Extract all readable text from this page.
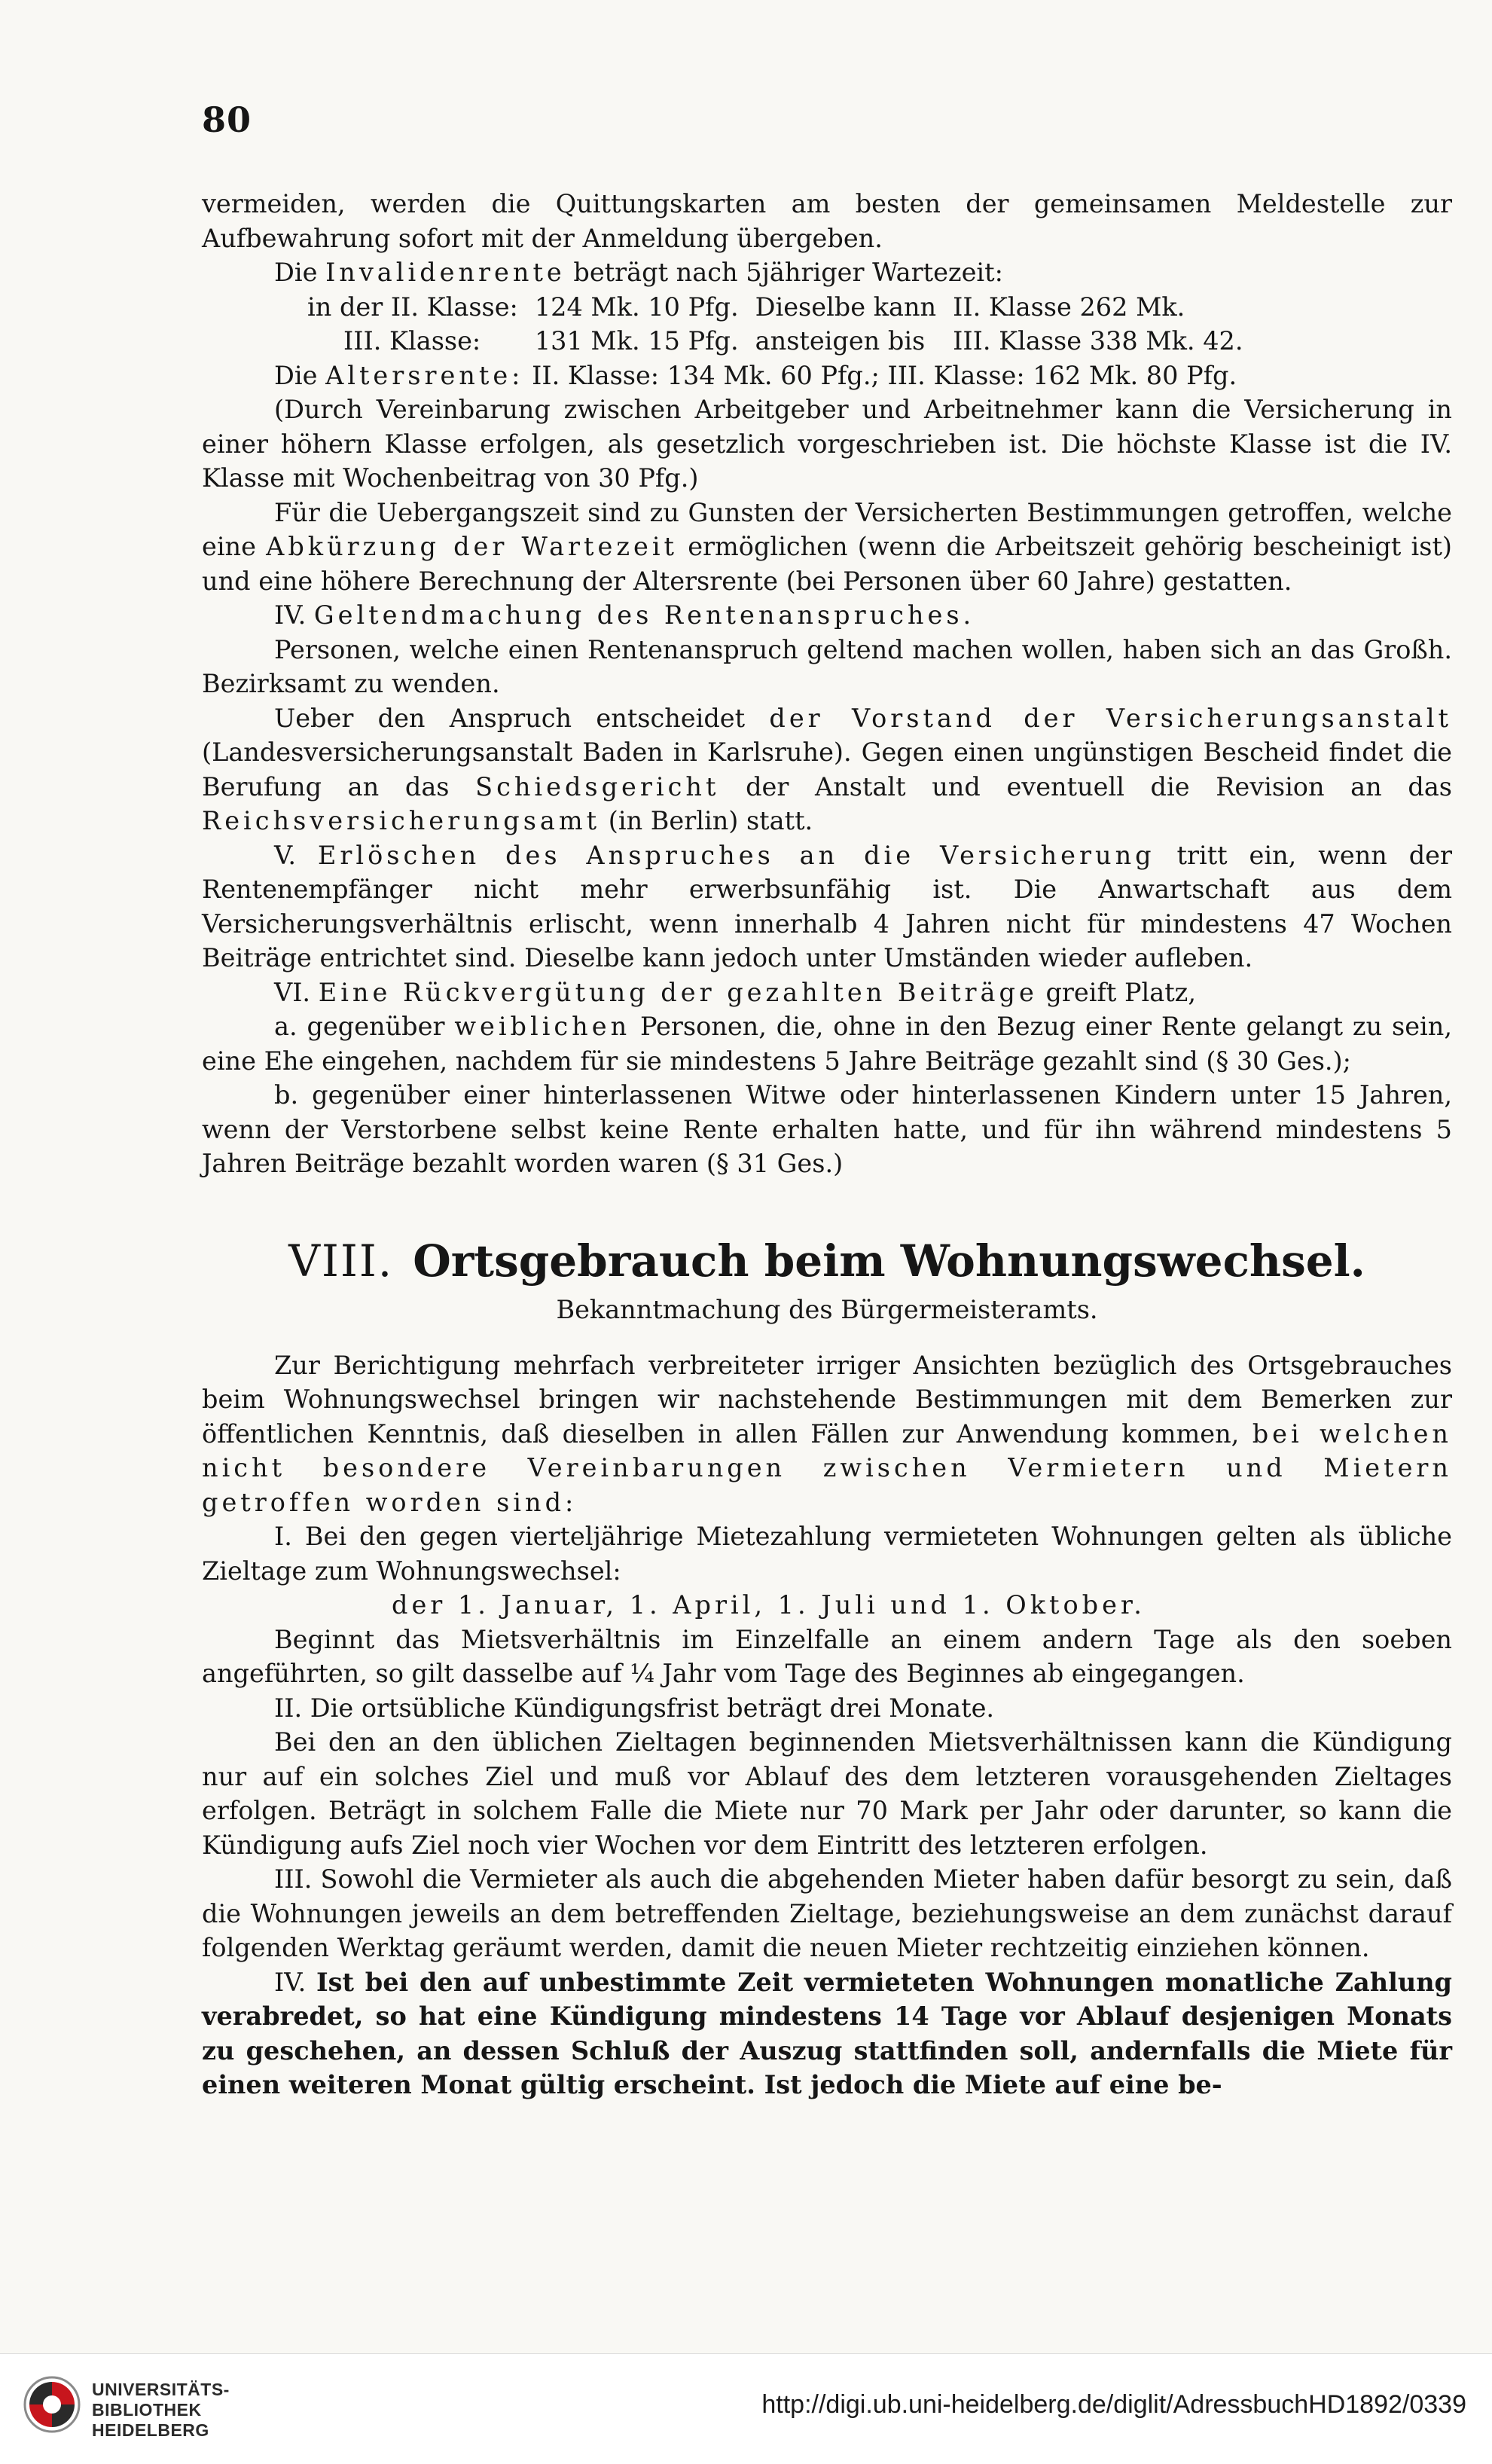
80

vermeiden, werden die Quittungskarten am besten der gemeinsamen Meldestelle zur Aufbewahrung sofort mit der Anmeldung übergeben.

Die Invalidenrente beträgt nach 5jähriger Wartezeit:

in der II. Klasse:	124 Mk. 10 Pfg.	Dieselbe kann	II. Klasse 262 Mk.
III. Klasse:	131 Mk. 15 Pfg.	ansteigen bis	III. Klasse 338 Mk. 42.

Die Altersrente: II. Klasse: 134 Mk. 60 Pfg.; III. Klasse: 162 Mk. 80 Pfg.

(Durch Vereinbarung zwischen Arbeitgeber und Arbeitnehmer kann die Versicherung in einer höhern Klasse erfolgen, als gesetzlich vorgeschrieben ist. Die höchste Klasse ist die IV. Klasse mit Wochenbeitrag von 30 Pfg.)

Für die Uebergangszeit sind zu Gunsten der Versicherten Bestimmungen getroffen, welche eine Abkürzung der Wartezeit ermöglichen (wenn die Arbeitszeit gehörig bescheinigt ist) und eine höhere Berechnung der Altersrente (bei Personen über 60 Jahre) gestatten.

IV. Geltendmachung des Rentenanspruches.

Personen, welche einen Rentenanspruch geltend machen wollen, haben sich an das Großh. Bezirksamt zu wenden.

Ueber den Anspruch entscheidet der Vorstand der Versicherungsanstalt (Landesversicherungsanstalt Baden in Karlsruhe). Gegen einen ungünstigen Bescheid findet die Berufung an das Schiedsgericht der Anstalt und eventuell die Revision an das Reichsversicherungsamt (in Berlin) statt.

V. Erlöschen des Anspruches an die Versicherung tritt ein, wenn der Rentenempfänger nicht mehr erwerbsunfähig ist. Die Anwartschaft aus dem Versicherungsverhältnis erlischt, wenn innerhalb 4 Jahren nicht für mindestens 47 Wochen Beiträge entrichtet sind. Dieselbe kann jedoch unter Umständen wieder aufleben.

VI. Eine Rückvergütung der gezahlten Beiträge greift Platz,

a. gegenüber weiblichen Personen, die, ohne in den Bezug einer Rente gelangt zu sein, eine Ehe eingehen, nachdem für sie mindestens 5 Jahre Beiträge gezahlt sind (§ 30 Ges.);

b. gegenüber einer hinterlassenen Witwe oder hinterlassenen Kindern unter 15 Jahren, wenn der Verstorbene selbst keine Rente erhalten hatte, und für ihn während mindestens 5 Jahren Beiträge bezahlt worden waren (§ 31 Ges.)

VIII. Ortsgebrauch beim Wohnungswechsel.
Bekanntmachung des Bürgermeisteramts.

Zur Berichtigung mehrfach verbreiteter irriger Ansichten bezüglich des Ortsgebrauches beim Wohnungswechsel bringen wir nachstehende Bestimmungen mit dem Bemerken zur öffentlichen Kenntnis, daß dieselben in allen Fällen zur Anwendung kommen, bei welchen nicht besondere Vereinbarungen zwischen Vermietern und Mietern getroffen worden sind:

I. Bei den gegen vierteljährige Mietezahlung vermieteten Wohnungen gelten als übliche Zieltage zum Wohnungswechsel:

der 1. Januar, 1. April, 1. Juli und 1. Oktober.

Beginnt das Mietsverhältnis im Einzelfalle an einem andern Tage als den soeben angeführten, so gilt dasselbe auf ¼ Jahr vom Tage des Beginnes ab eingegangen.

II. Die ortsübliche Kündigungsfrist beträgt drei Monate.

Bei den an den üblichen Zieltagen beginnenden Mietsverhältnissen kann die Kündigung nur auf ein solches Ziel und muß vor Ablauf des dem letzteren vorausgehenden Zieltages erfolgen. Beträgt in solchem Falle die Miete nur 70 Mark per Jahr oder darunter, so kann die Kündigung aufs Ziel noch vier Wochen vor dem Eintritt des letzteren erfolgen.

III. Sowohl die Vermieter als auch die abgehenden Mieter haben dafür besorgt zu sein, daß die Wohnungen jeweils an dem betreffenden Zieltage, beziehungsweise an dem zunächst darauf folgenden Werktag geräumt werden, damit die neuen Mieter rechtzeitig einziehen können.

IV. Ist bei den auf unbestimmte Zeit vermieteten Wohnungen monatliche Zahlung verabredet, so hat eine Kündigung mindestens 14 Tage vor Ablauf desjenigen Monats zu geschehen, an dessen Schluß der Auszug stattfinden soll, andernfalls die Miete für einen weiteren Monat gültig erscheint. Ist jedoch die Miete auf eine be-

UNIVERSITÄTS-
BIBLIOTHEK
HEIDELBERG
http://digi.ub.uni-heidelberg.de/diglit/AdressbuchHD1892/0339
